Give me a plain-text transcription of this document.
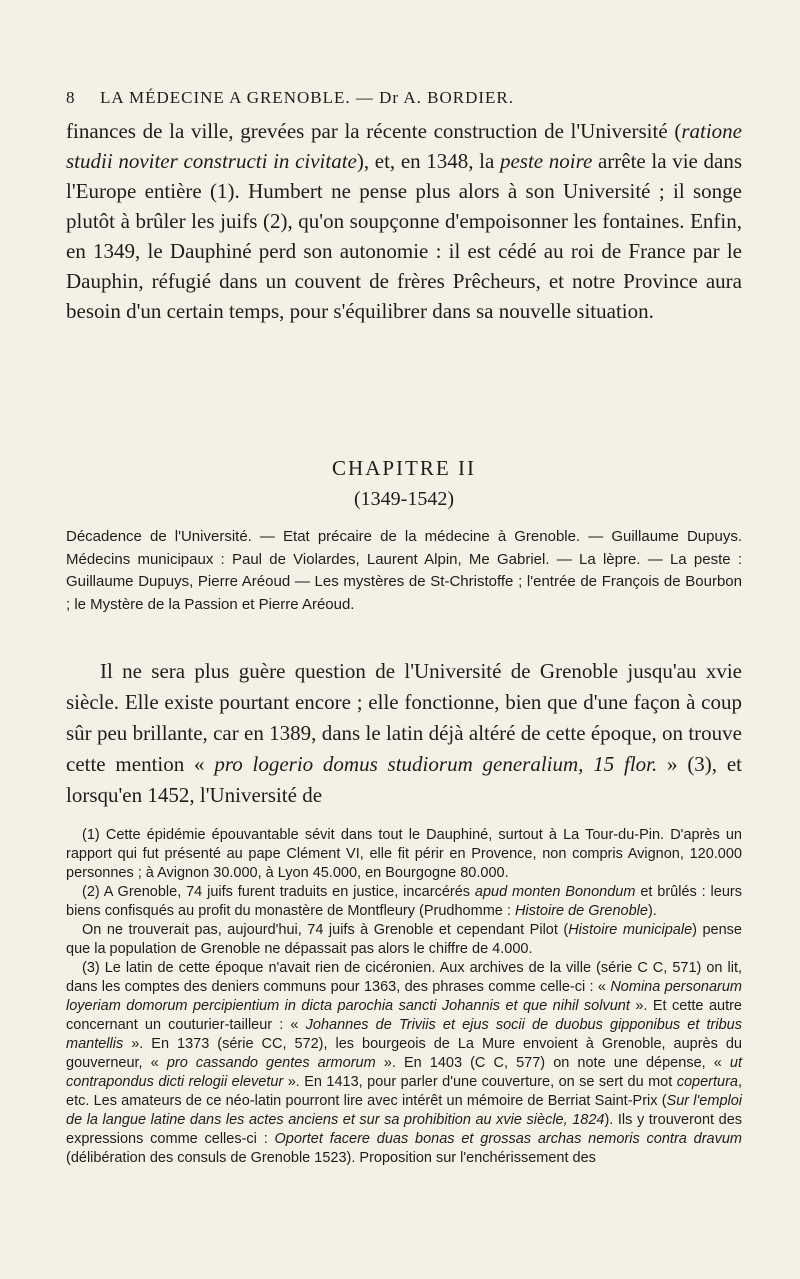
8 LA MÉDECINE A GRENOBLE. — Dr A. BORDIER.

finances de la ville, grevées par la récente construction de l'Université (ratione studii noviter constructi in civitate), et, en 1348, la peste noire arrête la vie dans l'Europe entière (1). Humbert ne pense plus alors à son Université ; il songe plutôt à brûler les juifs (2), qu'on soupçonne d'empoisonner les fontaines. Enfin, en 1349, le Dauphiné perd son autonomie : il est cédé au roi de France par le Dauphin, réfugié dans un couvent de frères Prêcheurs, et notre Province aura besoin d'un certain temps, pour s'équilibrer dans sa nouvelle situation.

CHAPITRE II
(1349-1542)
Décadence de l'Université. — Etat précaire de la médecine à Grenoble. — Guillaume Dupuys. Médecins municipaux : Paul de Violardes, Laurent Alpin, Me Gabriel. — La lèpre. — La peste : Guillaume Dupuys, Pierre Aréoud — Les mystères de St-Christoffe ; l'entrée de François de Bourbon ; le Mystère de la Passion et Pierre Aréoud.

Il ne sera plus guère question de l'Université de Grenoble jusqu'au xvie siècle. Elle existe pourtant encore ; elle fonctionne, bien que d'une façon à coup sûr peu brillante, car en 1389, dans le latin déjà altéré de cette époque, on trouve cette mention « pro logerio domus studiorum generalium, 15 flor. » (3), et lorsqu'en 1452, l'Université de

(1) Cette épidémie épouvantable sévit dans tout le Dauphiné, surtout à La Tour-du-Pin. D'après un rapport qui fut présenté au pape Clément VI, elle fit périr en Provence, non compris Avignon, 120.000 personnes ; à Avignon 30.000, à Lyon 45.000, en Bourgogne 80.000.

(2) A Grenoble, 74 juifs furent traduits en justice, incarcérés apud monten Bonondum et brûlés : leurs biens confisqués au profit du monastère de Montfleury (Prudhomme : Histoire de Grenoble).

On ne trouverait pas, aujourd'hui, 74 juifs à Grenoble et cependant Pilot (Histoire municipale) pense que la population de Grenoble ne dépassait pas alors le chiffre de 4.000.

(3) Le latin de cette époque n'avait rien de cicéronien. Aux archives de la ville (série C C, 571) on lit, dans les comptes des deniers communs pour 1363, des phrases comme celle-ci : « Nomina personarum loyeriam domorum percipientium in dicta parochia sancti Johannis et que nihil solvunt ». Et cette autre concernant un couturier-tailleur : « Johannes de Triviis et ejus socii de duobus gipponibus et tribus mantellis ». En 1373 (série CC, 572), les bourgeois de La Mure envoient à Grenoble, auprès du gouverneur, « pro cassando gentes armorum ». En 1403 (C C, 577) on note une dépense, « ut contrapondus dicti relogii elevetur ». En 1413, pour parler d'une couverture, on se sert du mot copertura, etc. Les amateurs de ce néo-latin pourront lire avec intérêt un mémoire de Berriat Saint-Prix (Sur l'emploi de la langue latine dans les actes anciens et sur sa prohibition au xvie siècle, 1824). Ils y trouveront des expressions comme celles-ci : Oportet facere duas bonas et grossas archas nemoris contra dravum (délibération des consuls de Grenoble 1523). Proposition sur l'enchérissement des
